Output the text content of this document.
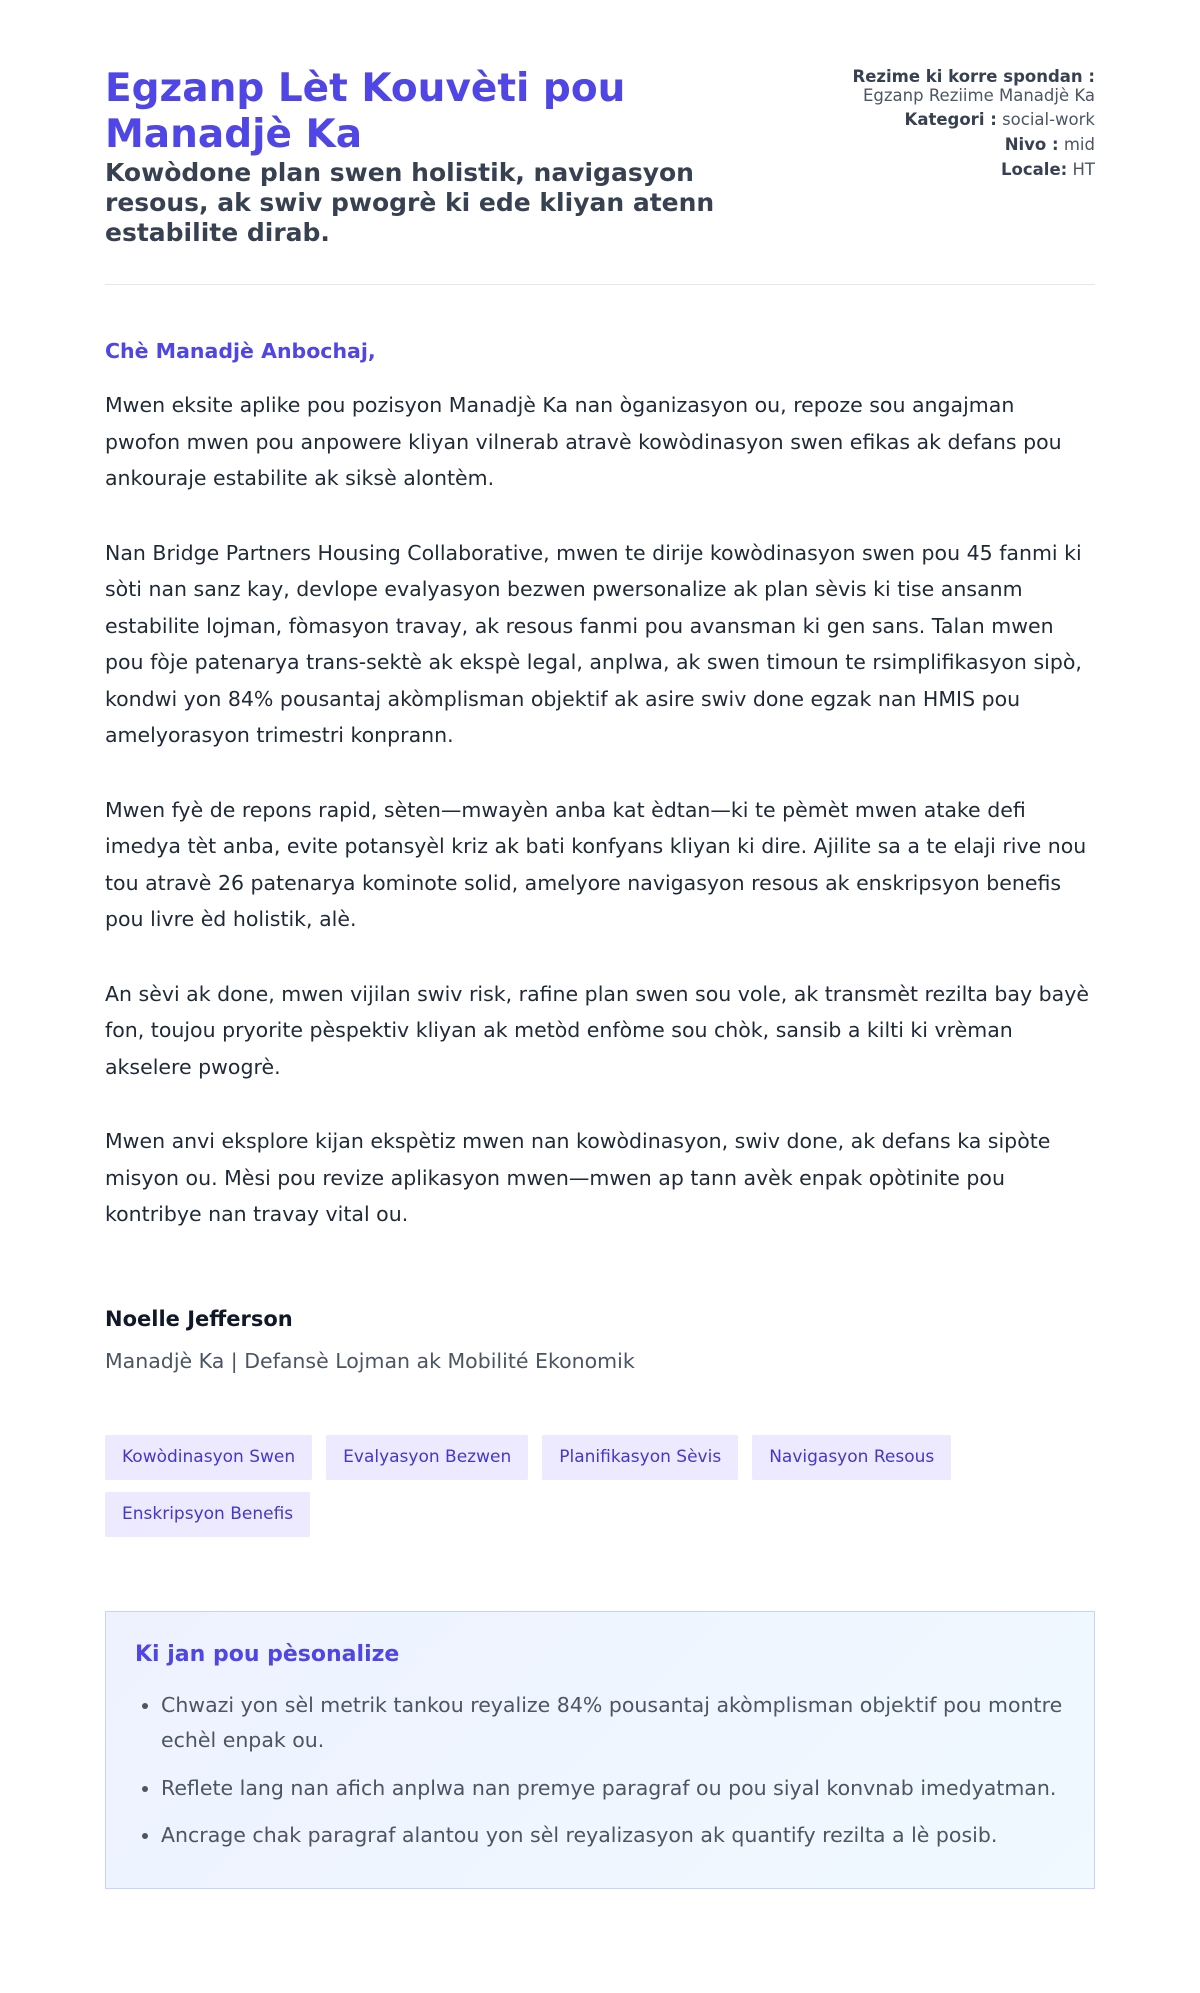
Egzanp Lèt Kouvèti pou Manadjè Ka
Kowòdone plan swen holistik, navigasyon resous, ak swiv pwogrè ki ede kliyan atenn estabilite dirab.
Rezime ki korre spondan : Egzanp Reziime Manadjè Ka
Kategori : social-work
Nivo : mid
Locale: HT

Chè Manadjè Anbochaj,

Mwen eksite aplike pou pozisyon Manadjè Ka nan òganizasyon ou, repoze sou angajman pwofon mwen pou anpowere kliyan vilnerab atravè kowòdinasyon swen efikas ak defans pou ankouraje estabilite ak siksè alontèm.

Nan Bridge Partners Housing Collaborative, mwen te dirije kowòdinasyon swen pou 45 fanmi ki sòti nan sanz kay, devlope evalyasyon bezwen pwersonalize ak plan sèvis ki tise ansanm estabilite lojman, fòmasyon travay, ak resous fanmi pou avansman ki gen sans. Talan mwen pou fòje patenarya trans-sektè ak ekspè legal, anplwa, ak swen timoun te rsimplifikasyon sipò, kondwi yon 84% pousantaj akòmplisman objektif ak asire swiv done egzak nan HMIS pou amelyorasyon trimestri konprann.

Mwen fyè de repons rapid, sèten—mwayèn anba kat èdtan—ki te pèmèt mwen atake defi imedya tèt anba, evite potansyèl kriz ak bati konfyans kliyan ki dire. Ajilite sa a te elaji rive nou tou atravè 26 patenarya kominote solid, amelyore navigasyon resous ak enskripsyon benefis pou livre èd holistik, alè.

An sèvi ak done, mwen vijilan swiv risk, rafine plan swen sou vole, ak transmèt rezilta bay bayè fon, toujou pryorite pèspektiv kliyan ak metòd enfòme sou chòk, sansib a kilti ki vrèman akselere pwogrè.

Mwen anvi eksplore kijan ekspètiz mwen nan kowòdinasyon, swiv done, ak defans ka sipòte misyon ou. Mèsi pou revize aplikasyon mwen—mwen ap tann avèk enpak opòtinite pou kontribye nan travay vital ou.

Noelle Jefferson

Manadjè Ka | Defansè Lojman ak Mobilité Ekonomik

Kowòdinasyon Swen	Evalyasyon Bezwen	Planifikasyon Sèvis	Navigasyon Resous
Enskripsyon Benefis
Ki jan pou pèsonalize
• Chwazi yon sèl metrik tankou reyalize 84% pousantaj akòmplisman objektif pou montre echèl enpak ou.
• Reflete lang nan afich anplwa nan premye paragraf ou pou siyal konvnab imedyatman.
• Ancrage chak paragraf alantou yon sèl reyalizasyon ak quantify rezilta a lè posib.
